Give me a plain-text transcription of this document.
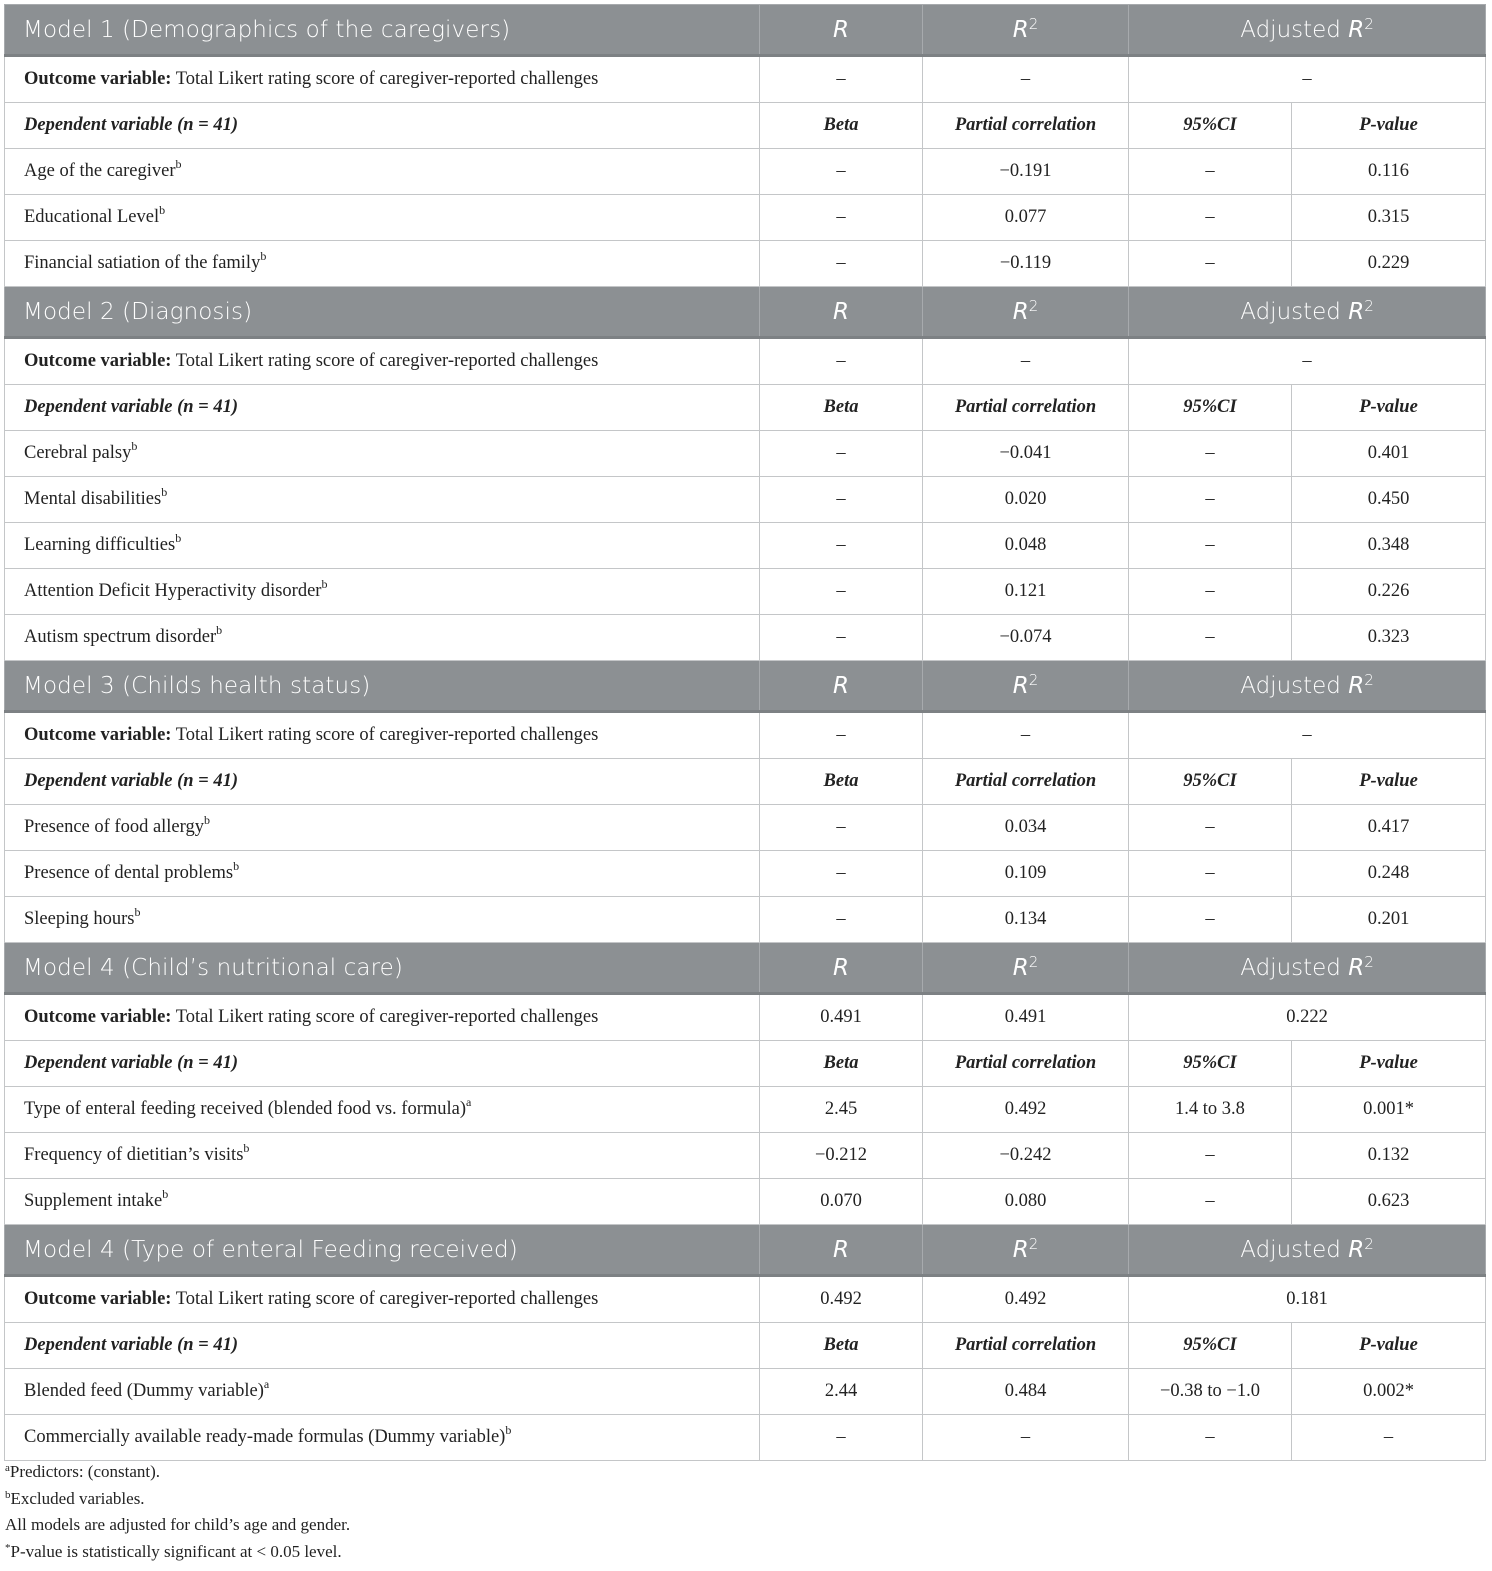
Model 1 (Demographics of the caregivers)	R	$R^2$	Adjusted $R^2$
Outcome variable: Total Likert rating score of caregiver-reported challenges	–	–	–	
Dependent variable (n = 41)	Beta	Partial correlation	95%CI	P-value
Age of the caregiver$^b$	–	−0.191	–	0.116
Educational Level$^b$	–	0.077	–	0.315
Financial satiation of the family$^b$	–	−0.119	–	0.229
Model 2 (Diagnosis)	R	$R^2$	Adjusted $R^2$
Outcome variable: Total Likert rating score of caregiver-reported challenges	–	–	–	
Dependent variable (n = 41)	Beta	Partial correlation	95%CI	P-value
Cerebral palsy$^b$	–	−0.041	–	0.401
Mental disabilities$^b$	–	0.020	–	0.450
Learning difficulties$^b$	–	0.048	–	0.348
Attention Deficit Hyperactivity disorder$^b$	–	0.121	–	0.226
Autism spectrum disorder$^b$	–	−0.074	–	0.323
Model 3 (Childs health status)	R	$R^2$	Adjusted $R^2$
Outcome variable: Total Likert rating score of caregiver-reported challenges	–	–	–	
Dependent variable (n = 41)	Beta	Partial correlation	95%CI	P-value
Presence of food allergy$^b$	–	0.034	–	0.417
Presence of dental problems$^b$	–	0.109	–	0.248
Sleeping hours$^b$	–	0.134	–	0.201
Model 4 (Child’s nutritional care)	R	$R^2$	Adjusted $R^2$
Outcome variable: Total Likert rating score of caregiver-reported challenges	0.491	0.491	0.222	
Dependent variable (n = 41)	Beta	Partial correlation	95%CI	P-value
Type of enteral feeding received (blended food vs. formula)$^a$	2.45	0.492	1.4 to 3.8	0.001*
Frequency of dietitian’s visits$^b$	−0.212	−0.242	–	0.132
Supplement intake$^b$	0.070	0.080	–	0.623
Model 4 (Type of enteral Feeding received)	R	$R^2$	Adjusted $R^2$
Outcome variable: Total Likert rating score of caregiver-reported challenges	0.492	0.492	0.181	
Dependent variable (n = 41)	Beta	Partial correlation	95%CI	P-value
Blended feed (Dummy variable)$^a$	2.44	0.484	−0.38 to −1.0	0.002*
Commercially available ready-made formulas (Dummy variable)$^b$	–	–	–	–
$^a$Predictors: (constant).
$^b$Excluded variables.
All models are adjusted for child’s age and gender.
*P-value is statistically significant at < 0.05 level.
